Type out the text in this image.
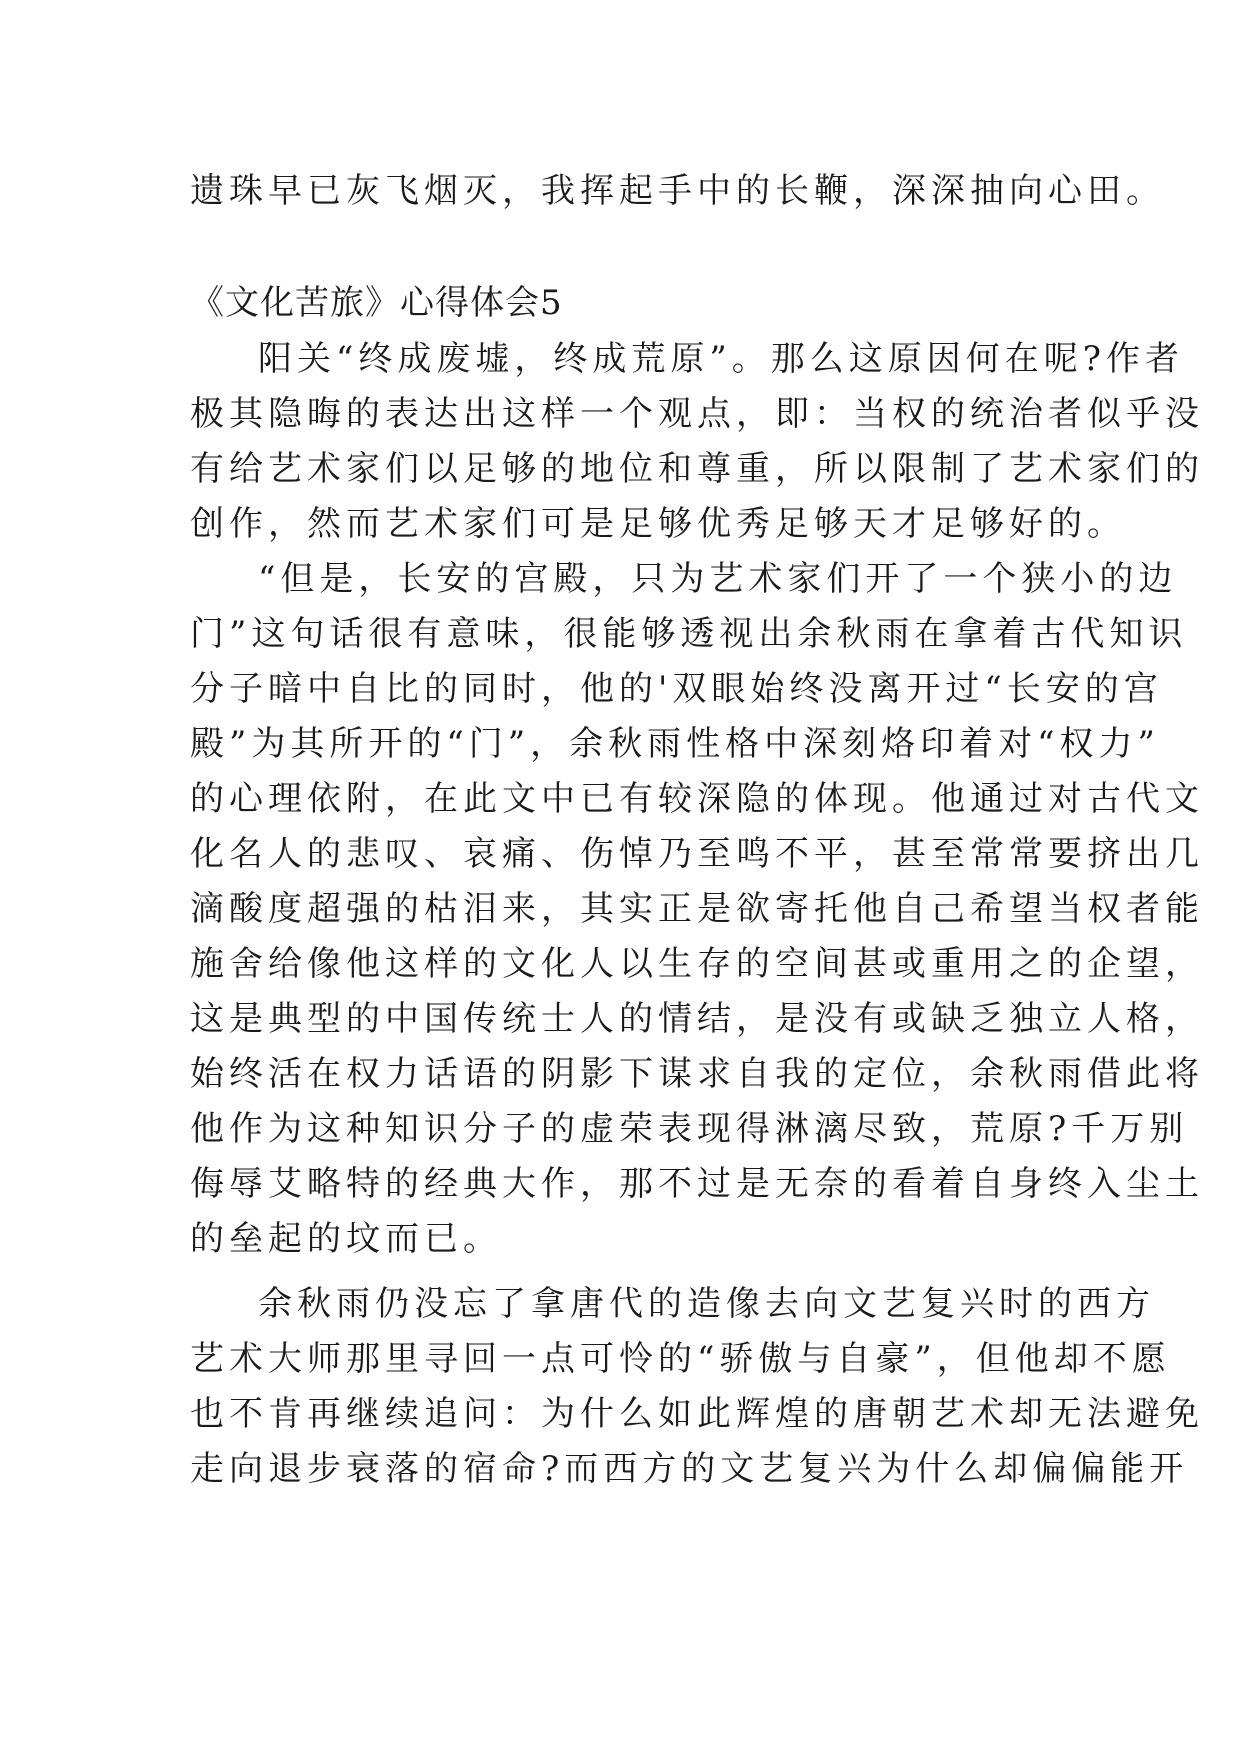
遗珠早已灰飞烟灭，我挥起手中的长鞭，深深抽向心田。
《文化苦旅》心得体会5
阳关“终成废墟，终成荒原”。那么这原因何在呢?作者
极其隐晦的表达出这样一个观点，即：当权的统治者似乎没
有给艺术家们以足够的地位和尊重，所以限制了艺术家们的
创作，然而艺术家们可是足够优秀足够天才足够好的。
“但是，长安的宫殿，只为艺术家们开了一个狭小的边
门”这句话很有意味，很能够透视出余秋雨在拿着古代知识
分子暗中自比的同时，他的'双眼始终没离开过“长安的宫
殿”为其所开的“门”，余秋雨性格中深刻烙印着对“权力”
的心理依附，在此文中已有较深隐的体现。他通过对古代文
化名人的悲叹、哀痛、伤悼乃至鸣不平，甚至常常要挤出几
滴酸度超强的枯泪来，其实正是欲寄托他自己希望当权者能
施舍给像他这样的文化人以生存的空间甚或重用之的企望，
这是典型的中国传统士人的情结，是没有或缺乏独立人格，
始终活在权力话语的阴影下谋求自我的定位，余秋雨借此将
他作为这种知识分子的虚荣表现得淋漓尽致，荒原?千万别
侮辱艾略特的经典大作，那不过是无奈的看着自身终入尘土
的垒起的坟而已。
余秋雨仍没忘了拿唐代的造像去向文艺复兴时的西方
艺术大师那里寻回一点可怜的“骄傲与自豪”，但他却不愿
也不肯再继续追问：为什么如此辉煌的唐朝艺术却无法避免
走向退步衰落的宿命?而西方的文艺复兴为什么却偏偏能开
